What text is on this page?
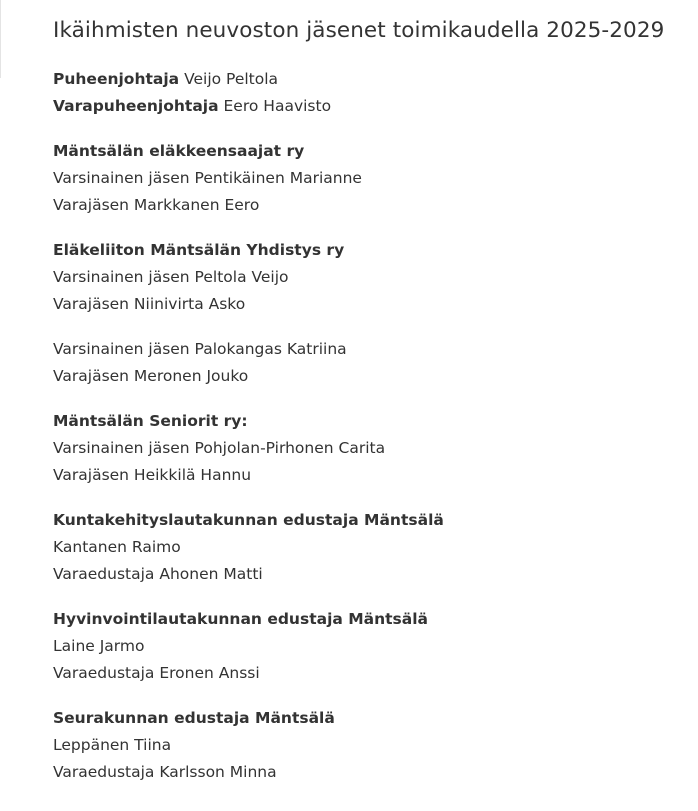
Ikäihmisten neuvoston jäsenet toimikaudella 2025-2029
Puheenjohtaja Veijo Peltola
Varapuheenjohtaja Eero Haavisto
Mäntsälän eläkkeensaajat ry
Varsinainen jäsen Pentikäinen Marianne
Varajäsen Markkanen Eero
Eläkeliiton Mäntsälän Yhdistys ry
Varsinainen jäsen Peltola Veijo
Varajäsen Niinivirta Asko
Varsinainen jäsen Palokangas Katriina
Varajäsen Meronen Jouko
Mäntsälän Seniorit ry:
Varsinainen jäsen Pohjolan-Pirhonen Carita
Varajäsen Heikkilä Hannu
Kuntakehityslautakunnan edustaja Mäntsälä
Kantanen Raimo
Varaedustaja Ahonen Matti
Hyvinvointilautakunnan edustaja Mäntsälä
Laine Jarmo
Varaedustaja Eronen Anssi
Seurakunnan edustaja Mäntsälä
Leppänen Tiina
Varaedustaja Karlsson Minna
